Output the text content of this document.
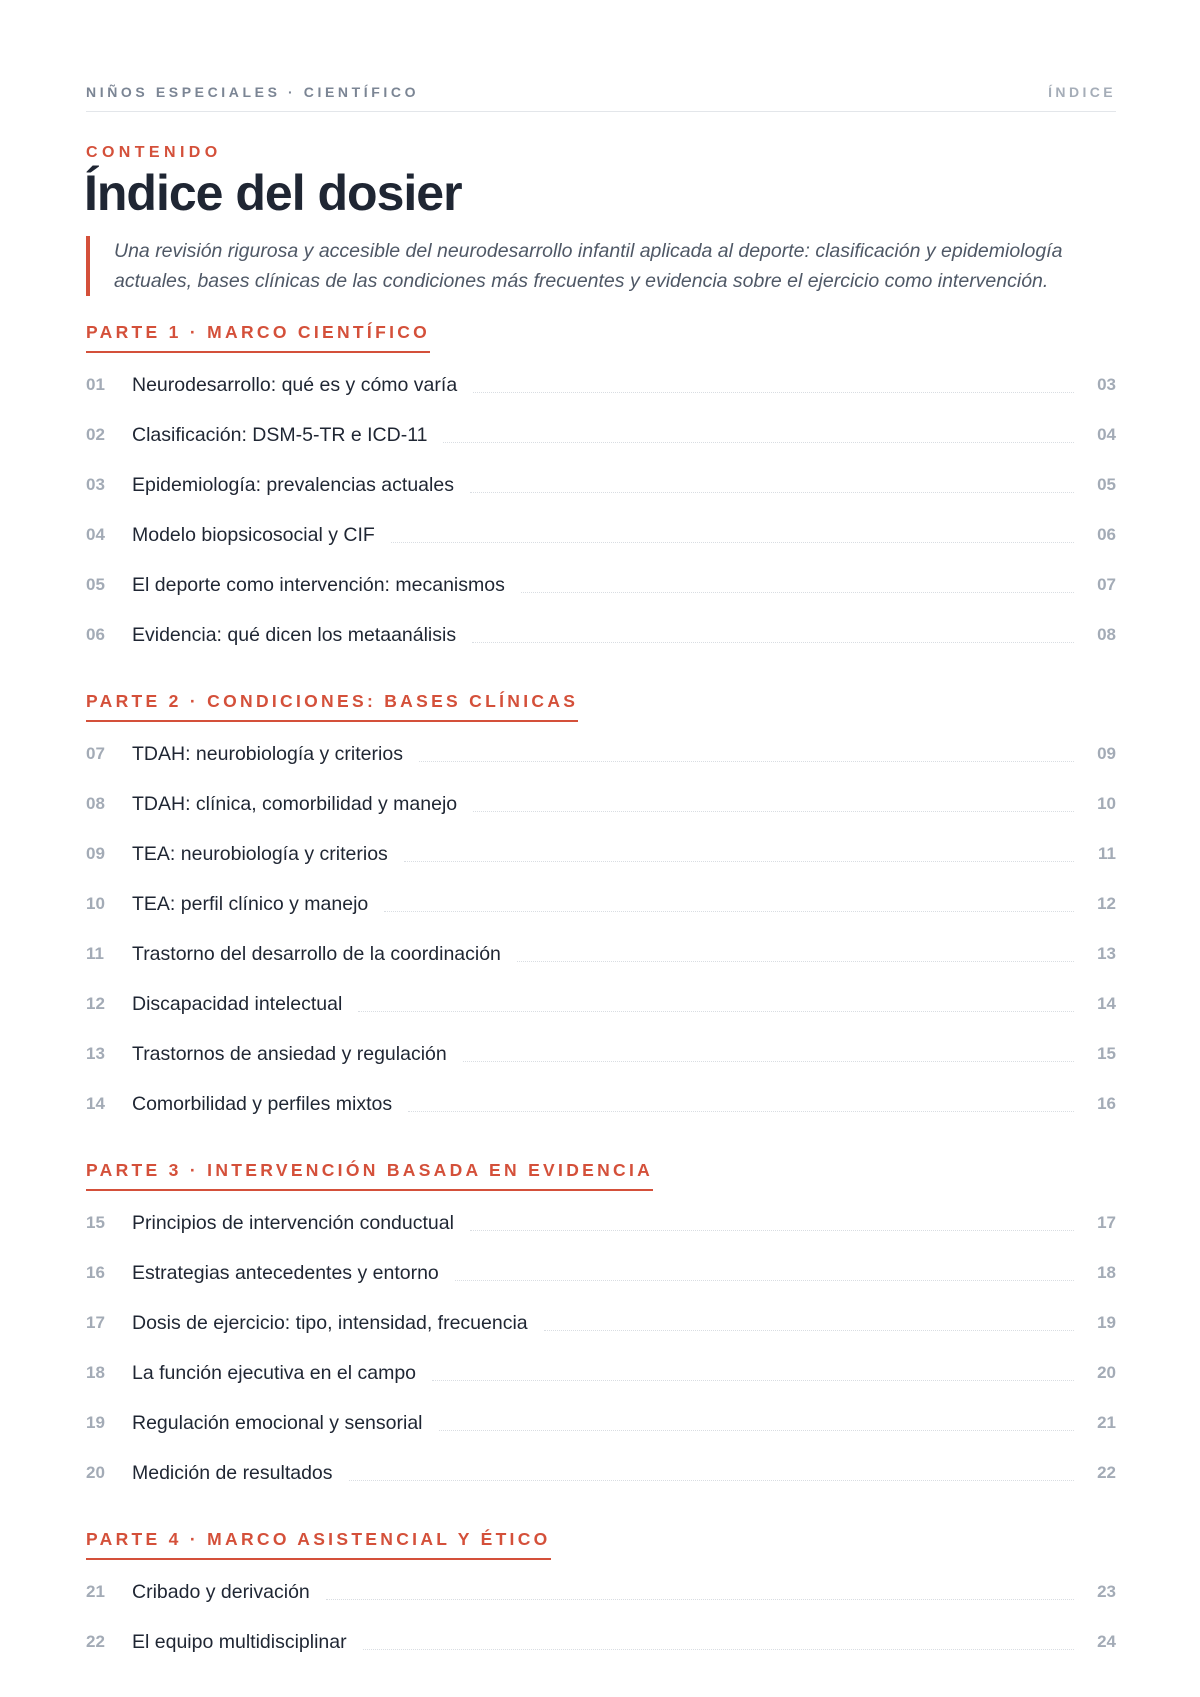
NIÑOS ESPECIALES · CIENTÍFICO	ÍNDICE
CONTENIDO
Índice del dosier

Una revisión rigurosa y accesible del neurodesarrollo infantil aplicada al deporte: clasificación y epidemiología actuales, bases clínicas de las condiciones más frecuentes y evidencia sobre el ejercicio como intervención.

PARTE 1 · MARCO CIENTÍFICO
01	Neurodesarrollo: qué es y cómo varía	03
02	Clasificación: DSM-5-TR e ICD-11	04
03	Epidemiología: prevalencias actuales	05
04	Modelo biopsicosocial y CIF	06
05	El deporte como intervención: mecanismos	07
06	Evidencia: qué dicen los metaanálisis	08
PARTE 2 · CONDICIONES: BASES CLÍNICAS
07	TDAH: neurobiología y criterios	09
08	TDAH: clínica, comorbilidad y manejo	10
09	TEA: neurobiología y criterios	11
10	TEA: perfil clínico y manejo	12
11	Trastorno del desarrollo de la coordinación	13
12	Discapacidad intelectual	14
13	Trastornos de ansiedad y regulación	15
14	Comorbilidad y perfiles mixtos	16
PARTE 3 · INTERVENCIÓN BASADA EN EVIDENCIA
15	Principios de intervención conductual	17
16	Estrategias antecedentes y entorno	18
17	Dosis de ejercicio: tipo, intensidad, frecuencia	19
18	La función ejecutiva en el campo	20
19	Regulación emocional y sensorial	21
20	Medición de resultados	22
PARTE 4 · MARCO ASISTENCIAL Y ÉTICO
21	Cribado y derivación	23
22	El equipo multidisciplinar	24
